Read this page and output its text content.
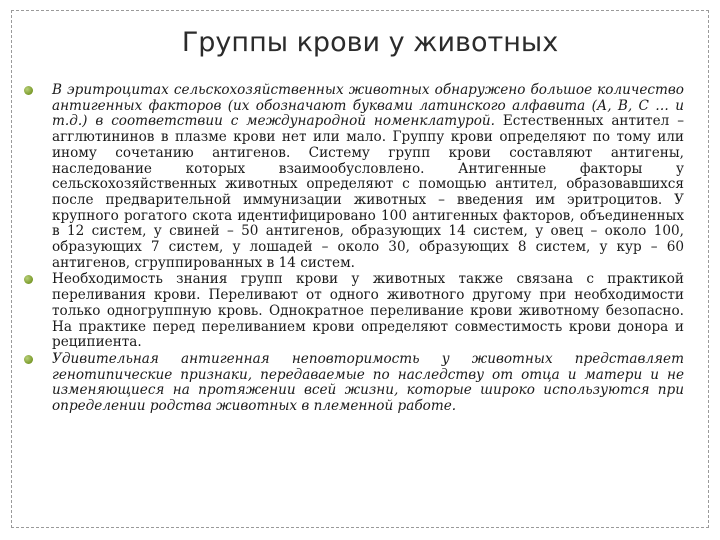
Группы крови у животных
В эритроцитах сельскохозяйственных животных обнаружено большое количество антигенных факторов (их обозначают буквами латинского алфавита (А, В, С … и т.д.) в соответствии с международной номенклатурой. Естественных антител – агглютининов в плазме крови нет или мало. Группу крови определяют по тому или иному сочетанию антигенов. Систему групп крови составляют антигены, наследование которых взаимообусловлено. Антигенные факторы у сельскохозяйственных животных определяют с помощью антител, образовавшихся после предварительной иммунизации животных – введения им эритроцитов. У крупного рогатого скота идентифицировано 100 антигенных факторов, объединенных в 12 систем, у свиней – 50 антигенов, образующих 14 систем, у овец – около 100, образующих 7 систем, у лошадей – около 30, образующих 8 систем, у кур – 60 антигенов, сгруппированных в 14 систем.
Необходимость знания групп крови у животных также связана с практикой переливания крови. Переливают от одного животного другому при необходимости только одногруппную кровь. Однократное переливание крови животному безопасно. На практике перед переливанием крови определяют совместимость крови донора и реципиента.
Удивительная антигенная неповторимость у животных представляет генотипические признаки, передаваемые по наследству от отца и матери и не изменяющиеся на протяжении всей жизни, которые широко используются при определении родства животных в племенной работе.
